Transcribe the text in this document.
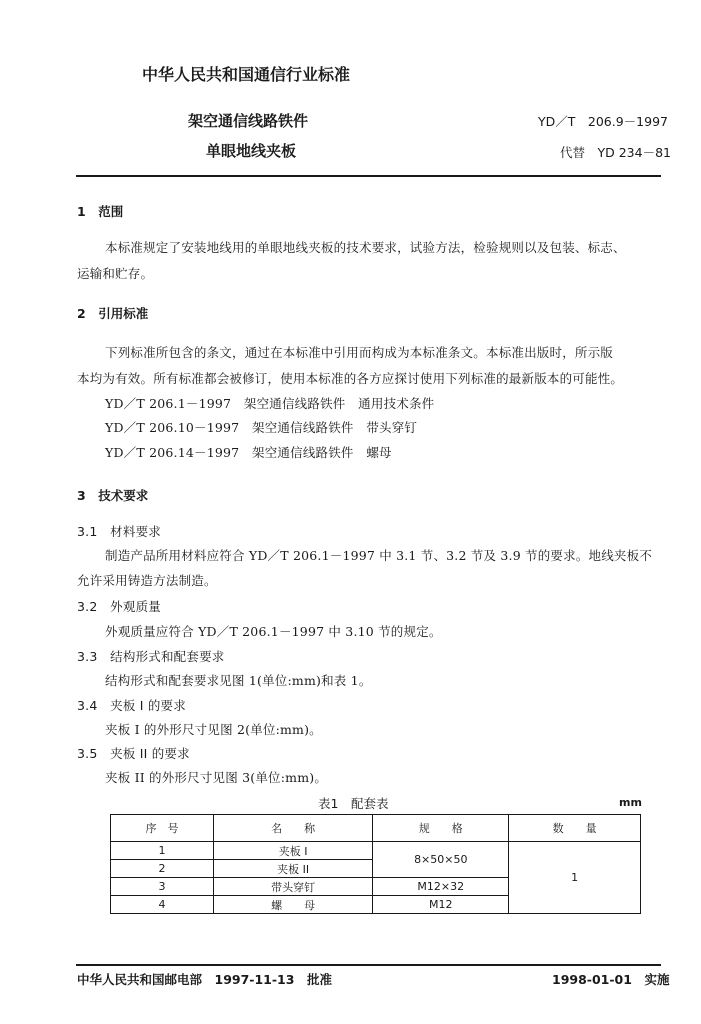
中华人民共和国通信行业标准
架空通信线路铁件
单眼地线夹板
YD／T　206.9－1997
代替　YD 234－81
1　范围
本标准规定了安装地线用的单眼地线夹板的技术要求，试验方法，检验规则以及包装、标志、
运输和贮存。
2　引用标准
下列标准所包含的条文，通过在本标准中引用而构成为本标准条文。本标准出版时，所示版
本均为有效。所有标准都会被修订，使用本标准的各方应探讨使用下列标准的最新版本的可能性。
YD／T 206.1－1997　架空通信线路铁件　通用技术条件
YD／T 206.10－1997　架空通信线路铁件　带头穿钉
YD／T 206.14－1997　架空通信线路铁件　螺母
3　技术要求
3.1　材料要求
制造产品所用材料应符合 YD／T 206.1－1997 中 3.1 节、3.2 节及 3.9 节的要求。地线夹板不
允许采用铸造方法制造。
3.2　外观质量
外观质量应符合 YD／T 206.1－1997 中 3.10 节的规定。
3.3　结构形式和配套要求
结构形式和配套要求见图 1(单位:mm)和表 1。
3.4　夹板 I 的要求
夹板 I 的外形尺寸见图 2(单位:mm)。
3.5　夹板 II 的要求
夹板 II 的外形尺寸见图 3(单位:mm)。
表1　配套表	mm
序　号	名　　称	规　　格	数　　量
1	夹板 I	8×50×50	1
2	夹板 II		
3	带头穿钉	M12×32	
4	螺　　母	M12	
中华人民共和国邮电部　1997-11-13　批准	1998-01-01　实施
